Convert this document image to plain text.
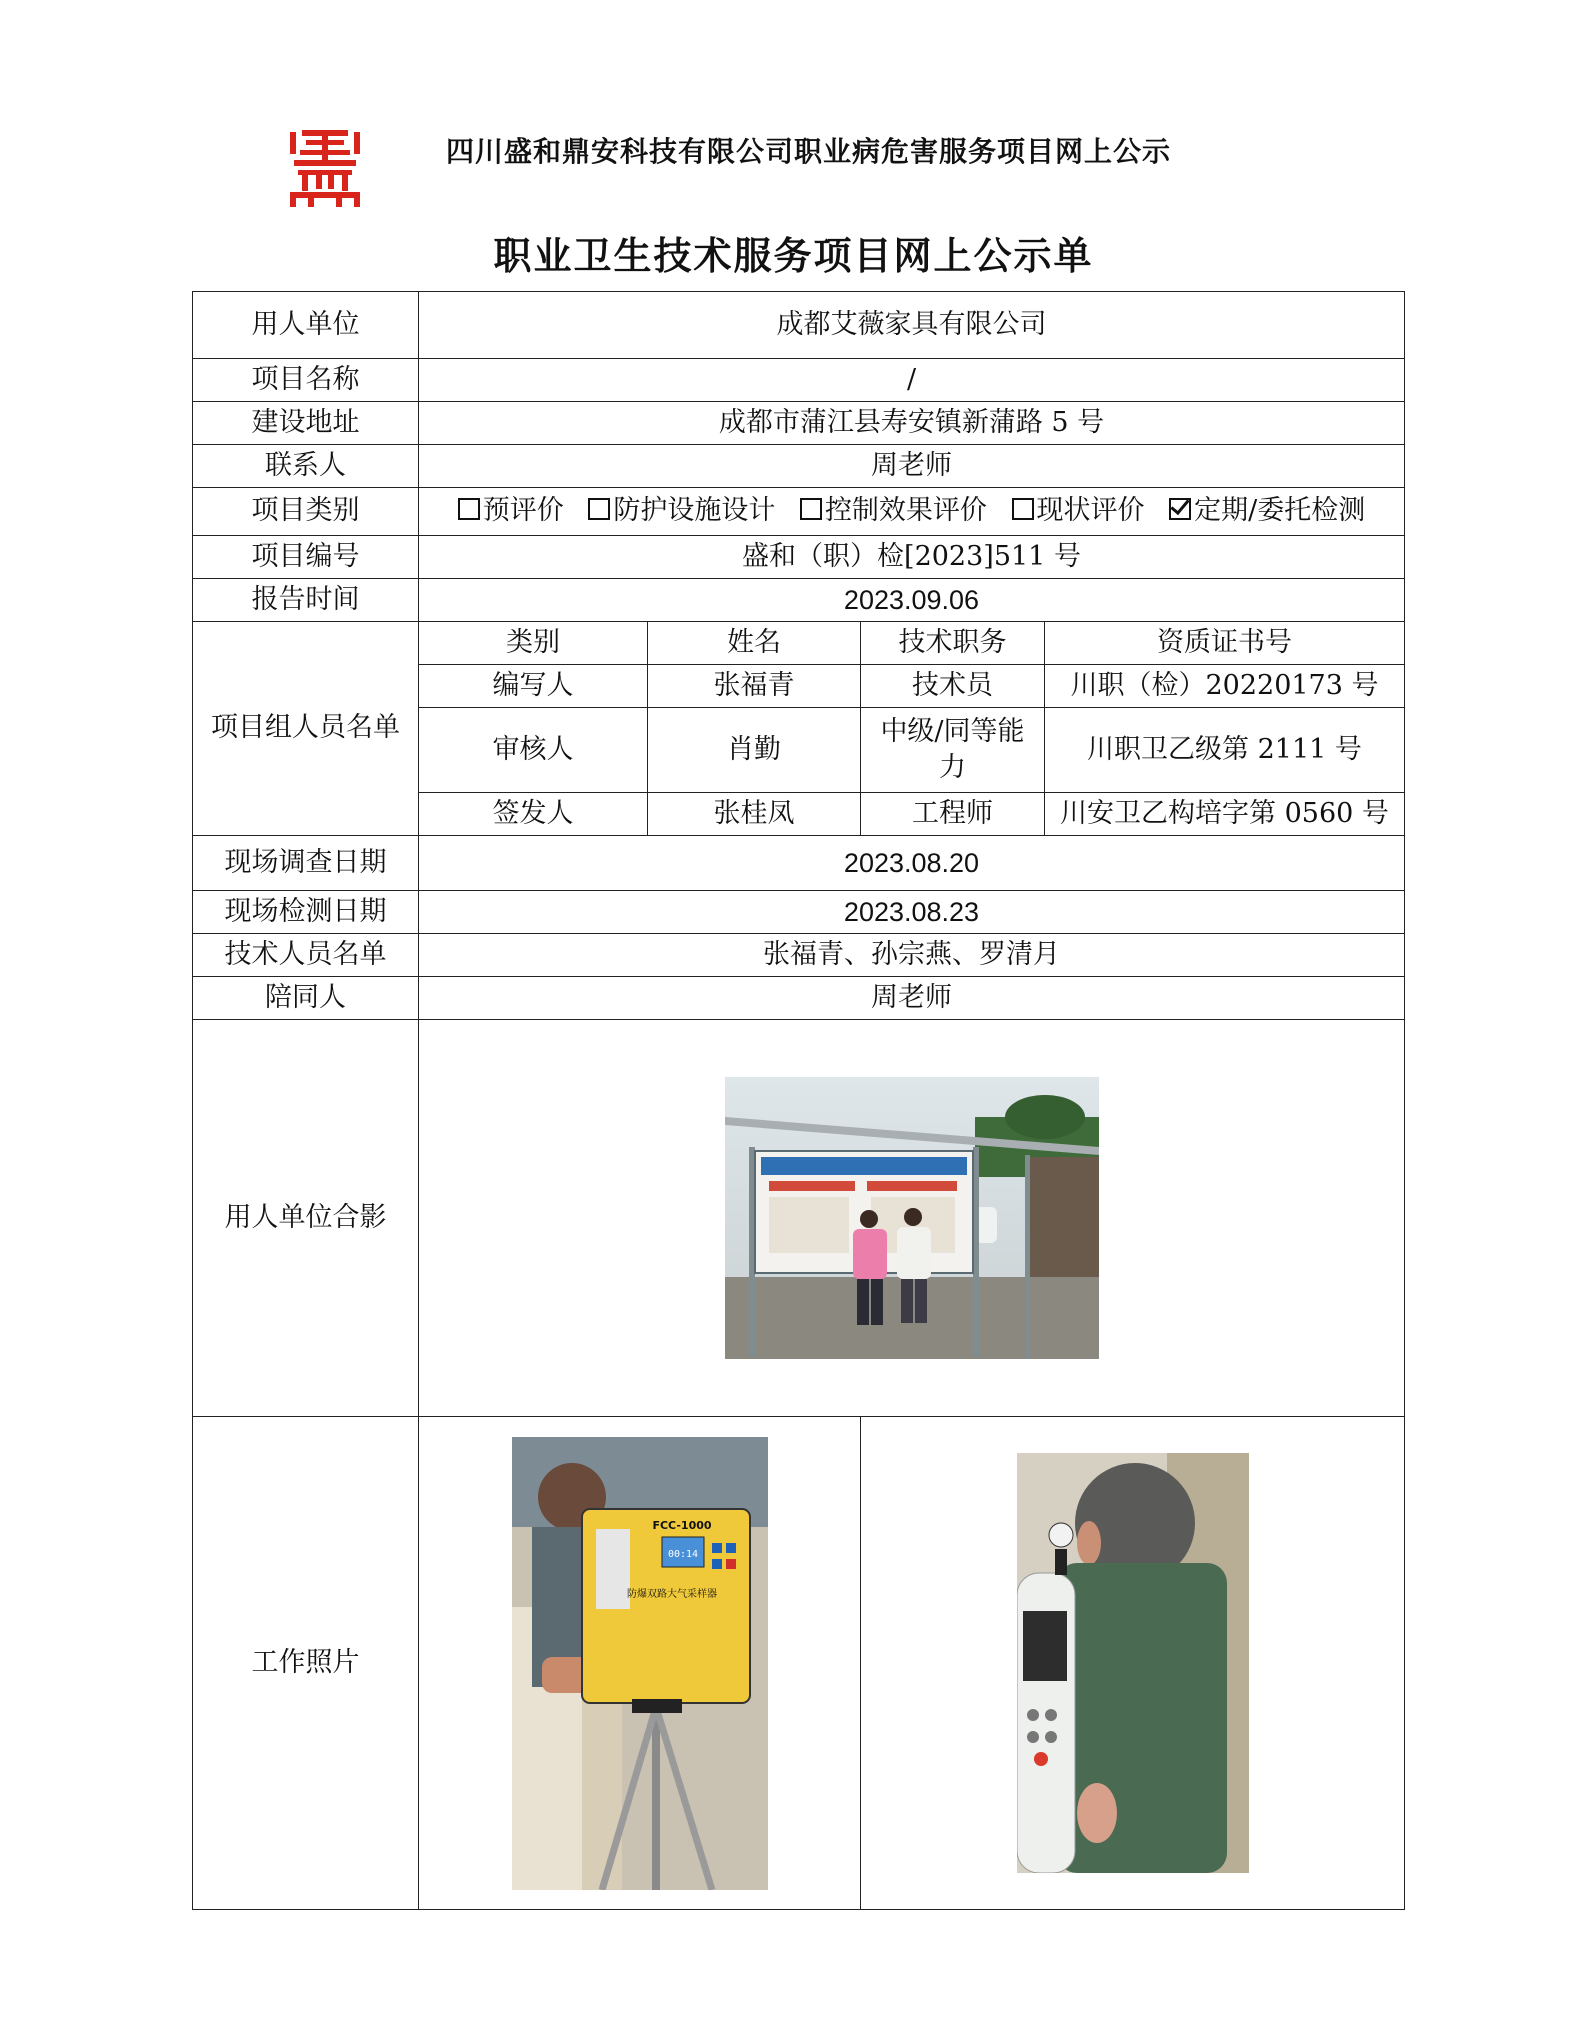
四川盛和鼎安科技有限公司职业病危害服务项目网上公示
职业卫生技术服务项目网上公示单
用人单位	成都艾薇家具有限公司			
项目名称	/			
建设地址	成都市蒲江县寿安镇新蒲路 5 号			
联系人	周老师			
项目类别	预评价 防护设施设计 控制效果评价 现状评价 定期/委托检测			
项目编号	盛和（职）检[2023]511 号			
报告时间	2023.09.06			
项目组人员名单	类别	姓名	技术职务	资质证书号
	编写人	张福青	技术员	川职（检）20220173 号
	审核人	肖勤	中级/同等能力	川职卫乙级第 2111 号
	签发人	张桂凤	工程师	川安卫乙构培字第 0560 号
现场调查日期	2023.08.20			
现场检测日期	2023.08.23			
技术人员名单	张福青、孙宗燕、罗清月			
陪同人	周老师			
用人单位合影	
工作照片	FCC-1000
00:14
防爆双路大气采样器
